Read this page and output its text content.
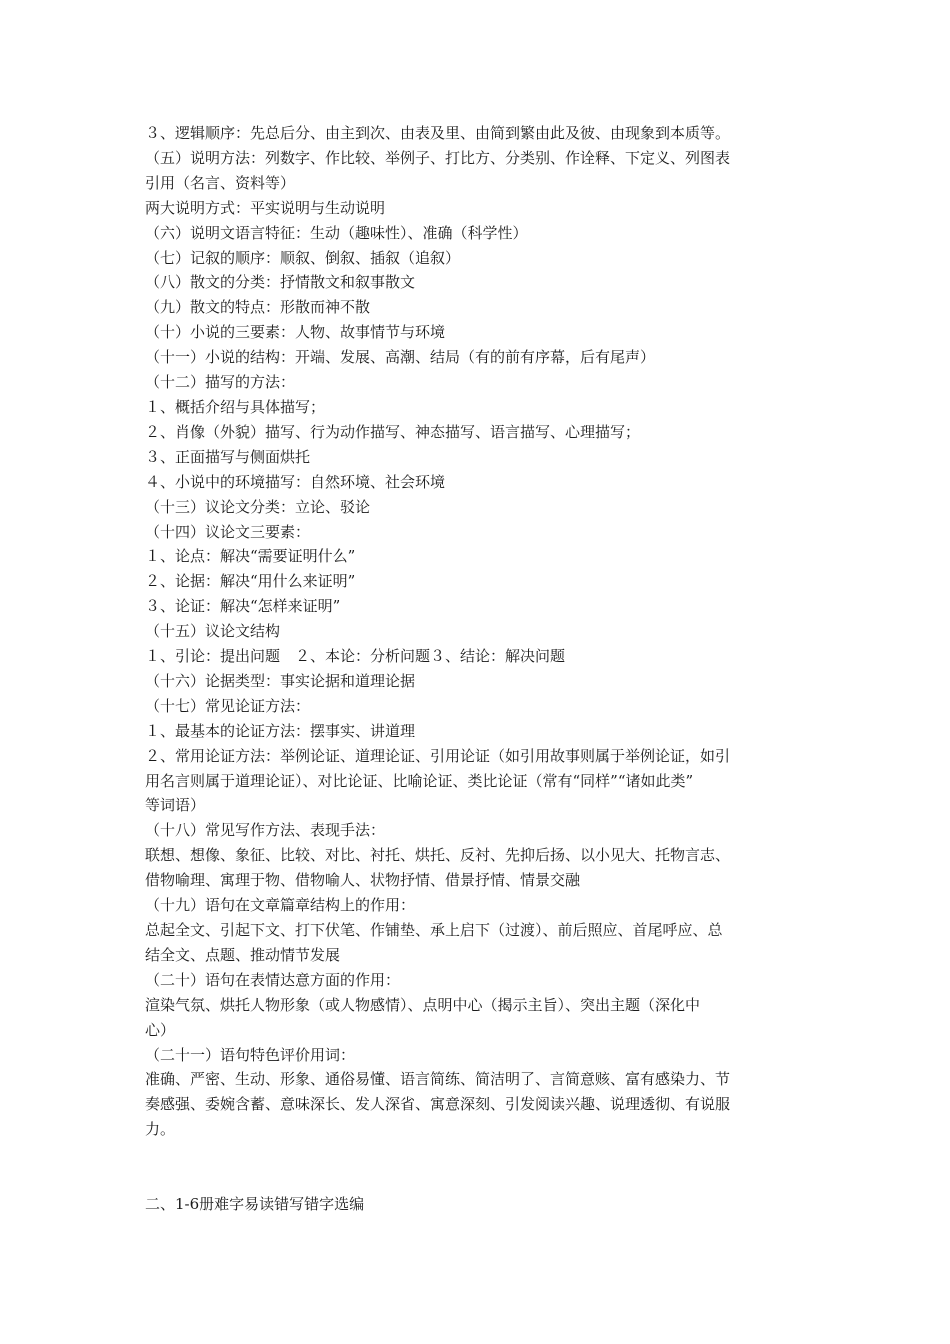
３、逻辑顺序：先总后分、由主到次、由表及里、由简到繁由此及彼、由现象到本质等。

（五）说明方法：列数字、作比较、举例子、打比方、分类别、作诠释、下定义、列图表

引用（名言、资料等）

两大说明方式：平实说明与生动说明

（六）说明文语言特征：生动（趣味性）、准确（科学性）

（七）记叙的顺序：顺叙、倒叙、插叙（追叙）

（八）散文的分类：抒情散文和叙事散文

（九）散文的特点：形散而神不散

（十）小说的三要素：人物、故事情节与环境

（十一）小说的结构：开端、发展、高潮、结局（有的前有序幕，后有尾声）

（十二）描写的方法：

１、概括介绍与具体描写；

２、肖像（外貌）描写、行为动作描写、神态描写、语言描写、心理描写；

３、正面描写与侧面烘托

４、小说中的环境描写：自然环境、社会环境

（十三）议论文分类：立论、驳论

（十四）议论文三要素：

１、论点：解决“需要证明什么”

２、论据：解决“用什么来证明”

３、论证：解决“怎样来证明”

（十五）议论文结构

１、引论：提出问题　２、本论：分析问题３、结论：解决问题

（十六）论据类型：事实论据和道理论据

（十七）常见论证方法：

１、最基本的论证方法：摆事实、讲道理

２、常用论证方法：举例论证、道理论证、引用论证（如引用故事则属于举例论证，如引

用名言则属于道理论证）、对比论证、比喻论证、类比论证（常有“同样”“诸如此类”

等词语）

（十八）常见写作方法、表现手法：

联想、想像、象征、比较、对比、衬托、烘托、反衬、先抑后扬、以小见大、托物言志、

借物喻理、寓理于物、借物喻人、状物抒情、借景抒情、情景交融

（十九）语句在文章篇章结构上的作用：

总起全文、引起下文、打下伏笔、作铺垫、承上启下（过渡）、前后照应、首尾呼应、总

结全文、点题、推动情节发展

（二十）语句在表情达意方面的作用：

渲染气氛、烘托人物形象（或人物感情）、点明中心（揭示主旨）、突出主题（深化中

心）

（二十一）语句特色评价用词：

准确、严密、生动、形象、通俗易懂、语言简练、简洁明了、言简意赅、富有感染力、节

奏感强、委婉含蓄、意味深长、发人深省、寓意深刻、引发阅读兴趣、说理透彻、有说服

力。

二、1-6册难字易读错写错字选编
